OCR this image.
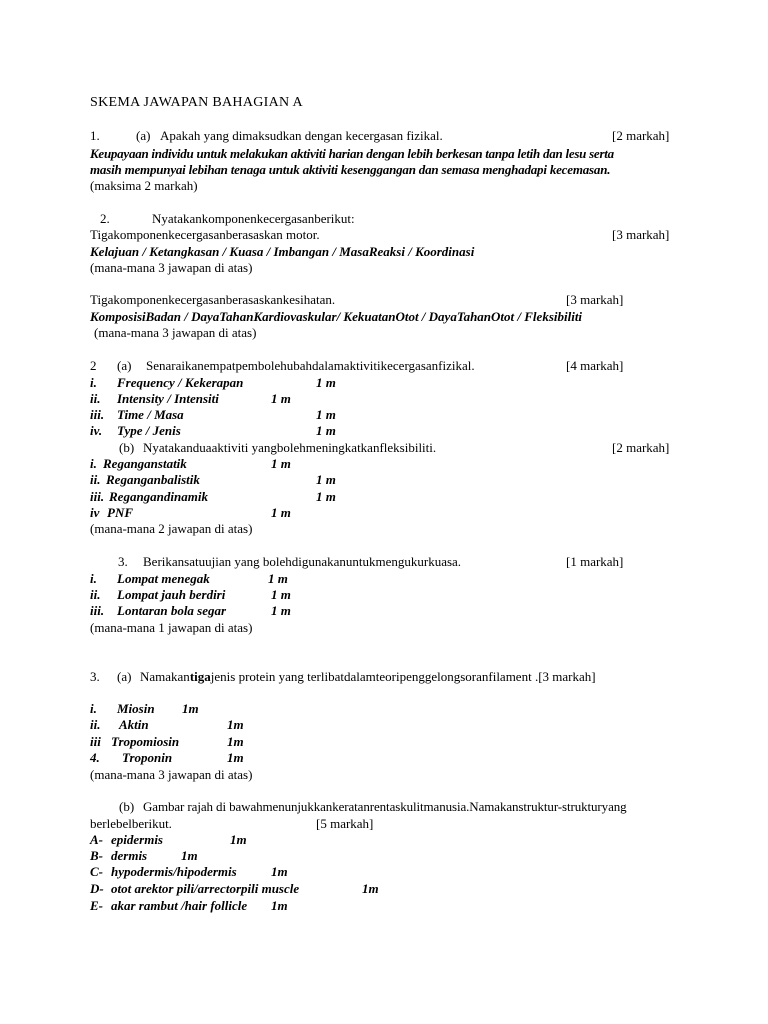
SKEMA JAWAPAN BAHAGIAN A
1.	(a) Apakah yang dimaksudkan dengan kecergasan fizikal.	[2 markah]
Keupayaan individu untuk melakukan aktiviti harian dengan lebih berkesan tanpa letih dan lesu serta
masih mempunyai lebihan tenaga untuk aktiviti kesenggangan dan semasa menghadapi kecemasan.
(maksima 2 markah)
2.	Nyatakankomponenkecergasanberikut:
Tigakomponenkecergasanberasaskan motor.	[3 markah]
Kelajuan / Ketangkasan / Kuasa / Imbangan / MasaReaksi / Koordinasi
(mana-mana 3 jawapan di atas)
Tigakomponenkecergasanberasaskankesihatan.	[3 markah]
KomposisiBadan / DayaTahanKardiovaskular/ KekuatanOtot / DayaTahanOtot / Fleksibiliti
(mana-mana 3 jawapan di atas)
2 (a) Senaraikanempatpembolehubahdalamaktivitikecergasanfizikal.	[4 markah]
i. Frequency / Kekerapan	1 m
ii. Intensity / Intensiti	1 m
iii. Time / Masa	1 m
iv. Type / Jenis	1 m
(b) Nyatakanduaaktiviti yangbolehmeningkatkanfleksibiliti.	[2 markah]
i. Reganganstatik	1 m
ii. Reganganbalistik	1 m
iii. Regangandinamik	1 m
iv PNF	1 m
(mana-mana 2 jawapan di atas)
3. Berikansatuujian yang bolehdigunakanuntukmengukurkuasa.	[1 markah]
i. Lompat menegak	1 m
ii. Lompat jauh berdiri	1 m
iii. Lontaran bola segar	1 m
(mana-mana 1 jawapan di atas)
3. (a) Namakantigajenis protein yang terlibatdalamteoripenggelongsoranfilament .[3 markah]
i. Miosin 1m
ii. Aktin	1m
iii Tropomiosin	1m
4. Troponin	1m
(mana-mana 3 jawapan di atas)
(b) Gambar rajah di bawahmenunjukkankeratanrentaskulitmanusia.Namakanstruktur-strukturyang
berlebelberikut.	[5 markah]
A- epidermis	1m
B- dermis	1m
C- hypodermis/hipodermis	1m
D- otot arektor pili/arrectorpili muscle	1m
E- akar rambut /hair follicle 1m
